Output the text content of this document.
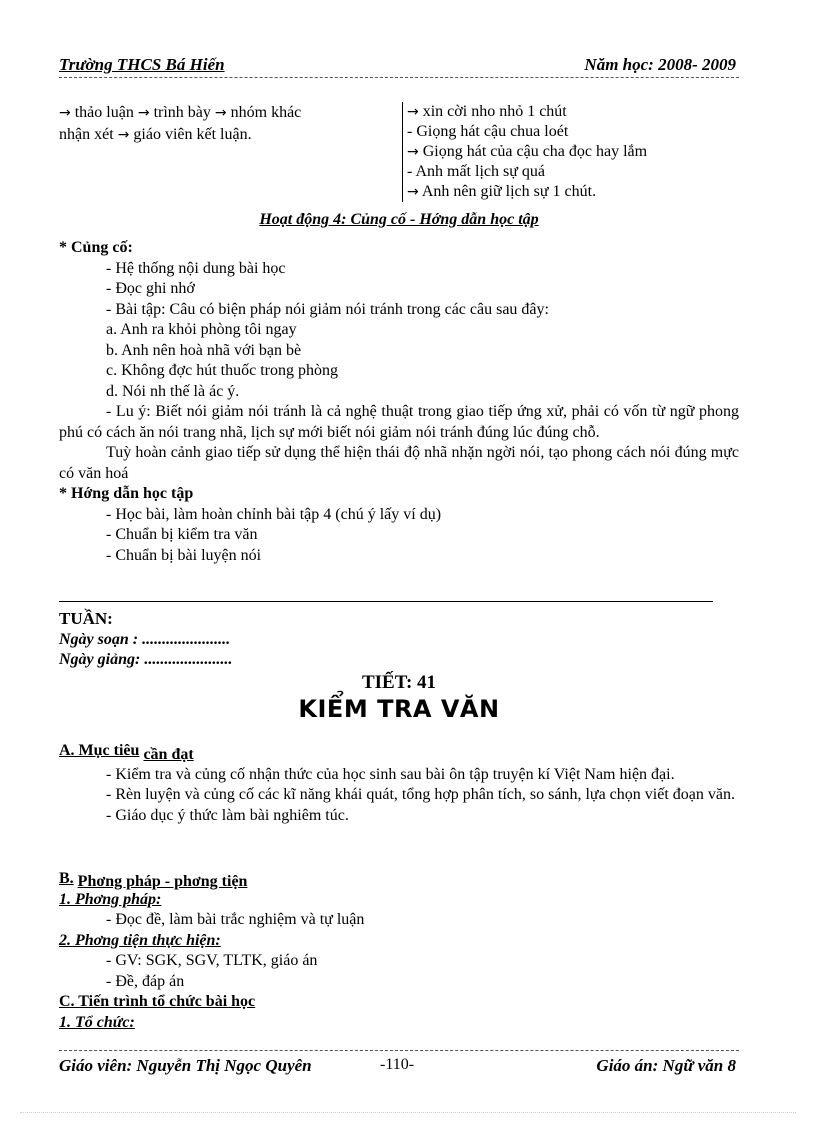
Trường THCS Bá Hiến	Năm học: 2008- 2009
→ thảo luận → trình bày → nhóm khác
nhận xét → giáo viên kết luận.
→ xin cời nho nhỏ 1 chút
- Giọng hát cậu chua loét
→ Giọng hát của cậu cha đọc hay lắm
- Anh mất lịch sự quá
→ Anh nên giữ lịch sự 1 chút.
Hoạt động 4: Củng cố - Hớng dẫn học tập
* Củng cố:
- Hệ thống nội dung bài học
- Đọc ghi nhớ
- Bài tập: Câu có biện pháp nói giảm nói tránh trong các câu sau đây:
a. Anh ra khỏi phòng tôi ngay
b. Anh nên hoà nhã với bạn bè
c. Không đợc hút thuốc trong phòng
d. Nói nh thế là ác ý.
- Lu ý: Biết nói giảm nói tránh là cả nghệ thuật trong giao tiếp ứng xử, phải có vốn từ ngữ phong phú có cách ăn nói trang nhã, lịch sự mới biết nói giảm nói tránh đúng lúc đúng chỗ.
Tuỳ hoàn cảnh giao tiếp sử dụng thể hiện thái độ nhã nhặn ngời nói, tạo phong cách nói đúng mực có văn hoá
* Hớng dẫn học tập
- Học bài, làm hoàn chỉnh bài tập 4 (chú ý lấy ví dụ)
- Chuẩn bị kiểm tra văn
- Chuẩn bị bài luyện nói
TUẦN:
Ngày soạn : ......................
Ngày giảng: ......................
TIẾT: 41
KIỂM TRA VĂN
A. Mục tiêu cần đạt
- Kiểm tra và củng cố nhận thức của học sinh sau bài ôn tập truyện kí Việt Nam hiện đại.
- Rèn luyện và củng cố các kĩ năng khái quát, tổng hợp phân tích, so sánh, lựa chọn viết đoạn văn.
- Giáo dục ý thức làm bài nghiêm túc.
B. Phơng pháp - phơng tiện
1. Phơng pháp:
- Đọc đề, làm bài trắc nghiệm và tự luận
2. Phơng tiện thực hiện:
- GV: SGK, SGV, TLTK, giáo án
- Đề, đáp án
C. Tiến trình tổ chức bài học
1. Tổ chức:
Giáo viên: Nguyễn Thị Ngọc Quyên	-110-	Giáo án: Ngữ văn 8
